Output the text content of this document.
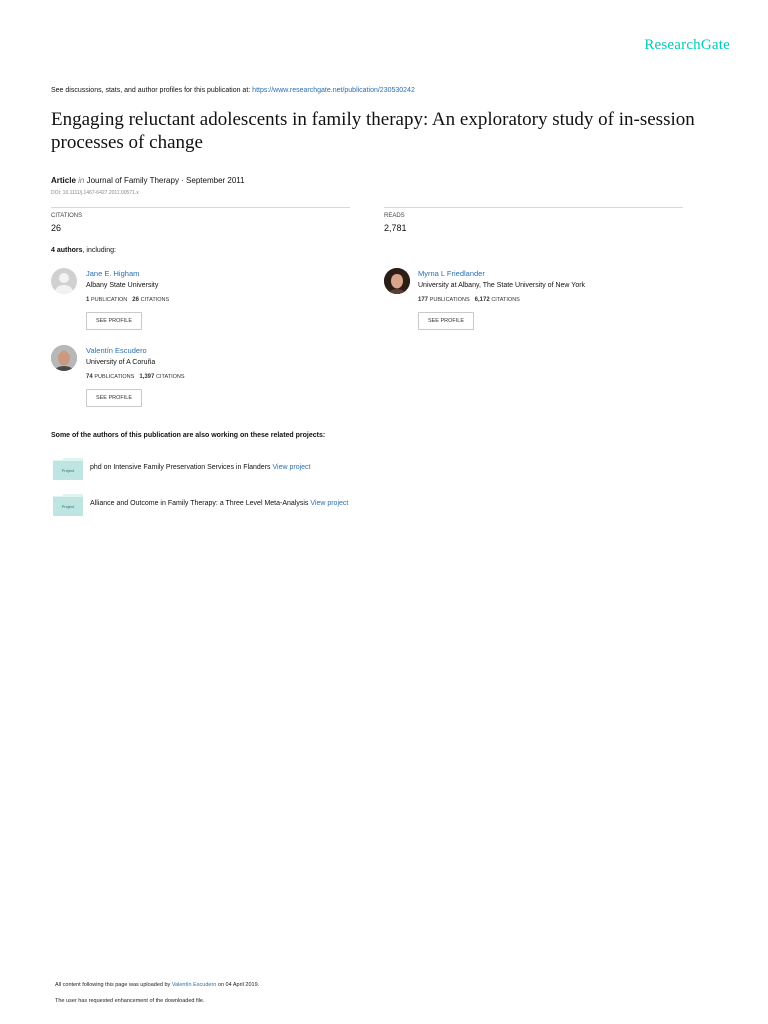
ResearchGate
See discussions, stats, and author profiles for this publication at: https://www.researchgate.net/publication/230530242
Engaging reluctant adolescents in family therapy: An exploratory study of in-session processes of change
Article in Journal of Family Therapy · September 2011
DOI: 10.1111/j.1467-6427.2011.00571.x
CITATIONS
26
READS
2,781
4 authors, including:
Jane E. Higham
Albany State University
1 PUBLICATION 26 CITATIONS
SEE PROFILE
Myrna L Friedlander
University at Albany, The State University of New York
177 PUBLICATIONS 6,172 CITATIONS
SEE PROFILE
Valentín Escudero
University of A Coruña
74 PUBLICATIONS 1,397 CITATIONS
SEE PROFILE
Some of the authors of this publication are also working on these related projects:
Project phd on Intensive Family Preservation Services in Flanders View project
Project Alliance and Outcome in Family Therapy: a Three Level Meta-Analysis View project
All content following this page was uploaded by Valentín Escudero on 04 April 2019.
The user has requested enhancement of the downloaded file.
